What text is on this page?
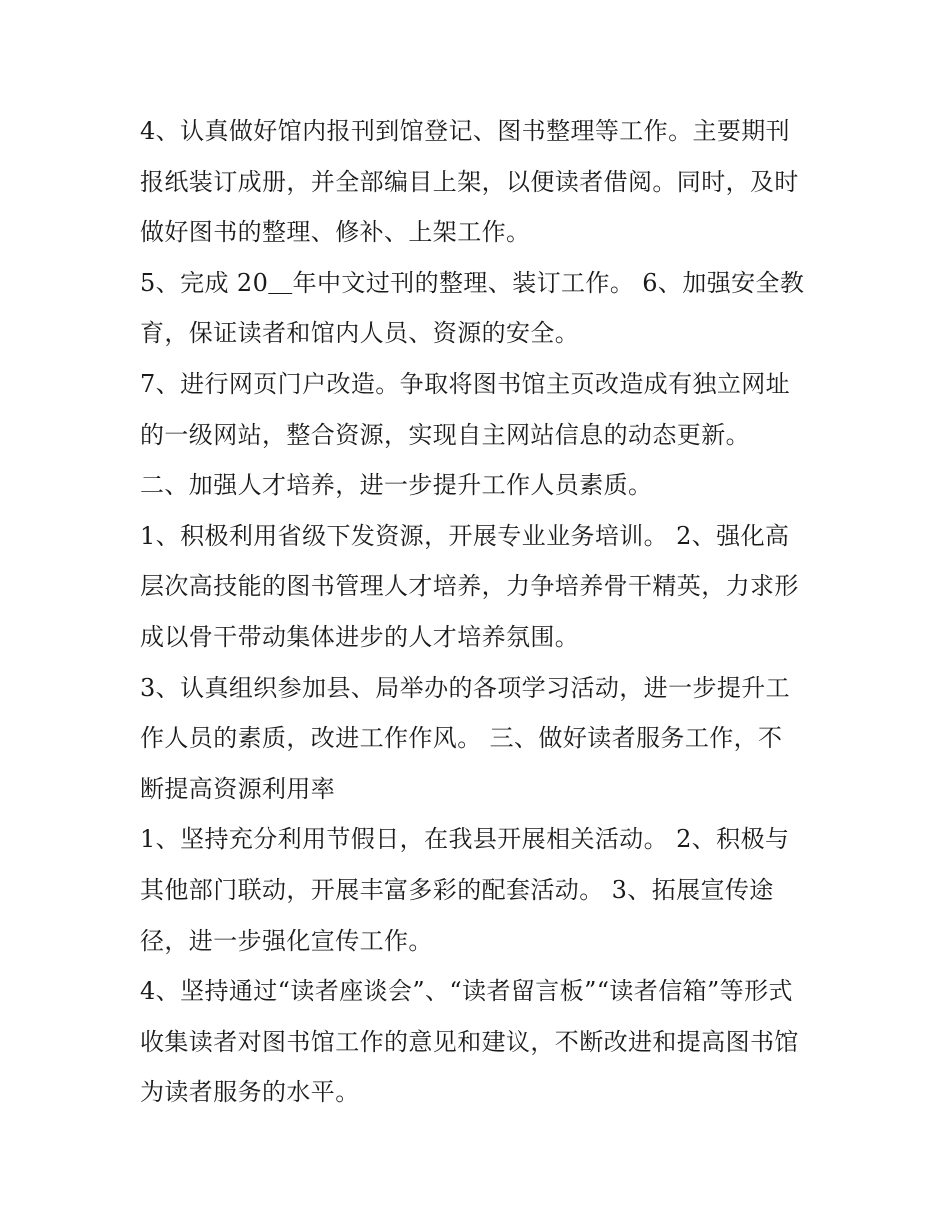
4、认真做好馆内报刊到馆登记、图书整理等工作。主要期刊
报纸装订成册，并全部编目上架，以便读者借阅。同时，及时
做好图书的整理、修补、上架工作。
5、完成 20＿年中文过刊的整理、装订工作。 6、加强安全教
育，保证读者和馆内人员、资源的安全。
7、进行网页门户改造。争取将图书馆主页改造成有独立网址
的一级网站，整合资源，实现自主网站信息的动态更新。
二、加强人才培养，进一步提升工作人员素质。
1、积极利用省级下发资源，开展专业业务培训。 2、强化高
层次高技能的图书管理人才培养，力争培养骨干精英，力求形
成以骨干带动集体进步的人才培养氛围。
3、认真组织参加县、局举办的各项学习活动，进一步提升工
作人员的素质，改进工作作风。 三、做好读者服务工作，不
断提高资源利用率
1、坚持充分利用节假日，在我县开展相关活动。 2、积极与
其他部门联动，开展丰富多彩的配套活动。 3、拓展宣传途
径，进一步强化宣传工作。
4、坚持通过“读者座谈会”、“读者留言板”“读者信箱”等形式
收集读者对图书馆工作的意见和建议，不断改进和提高图书馆
为读者服务的水平。
